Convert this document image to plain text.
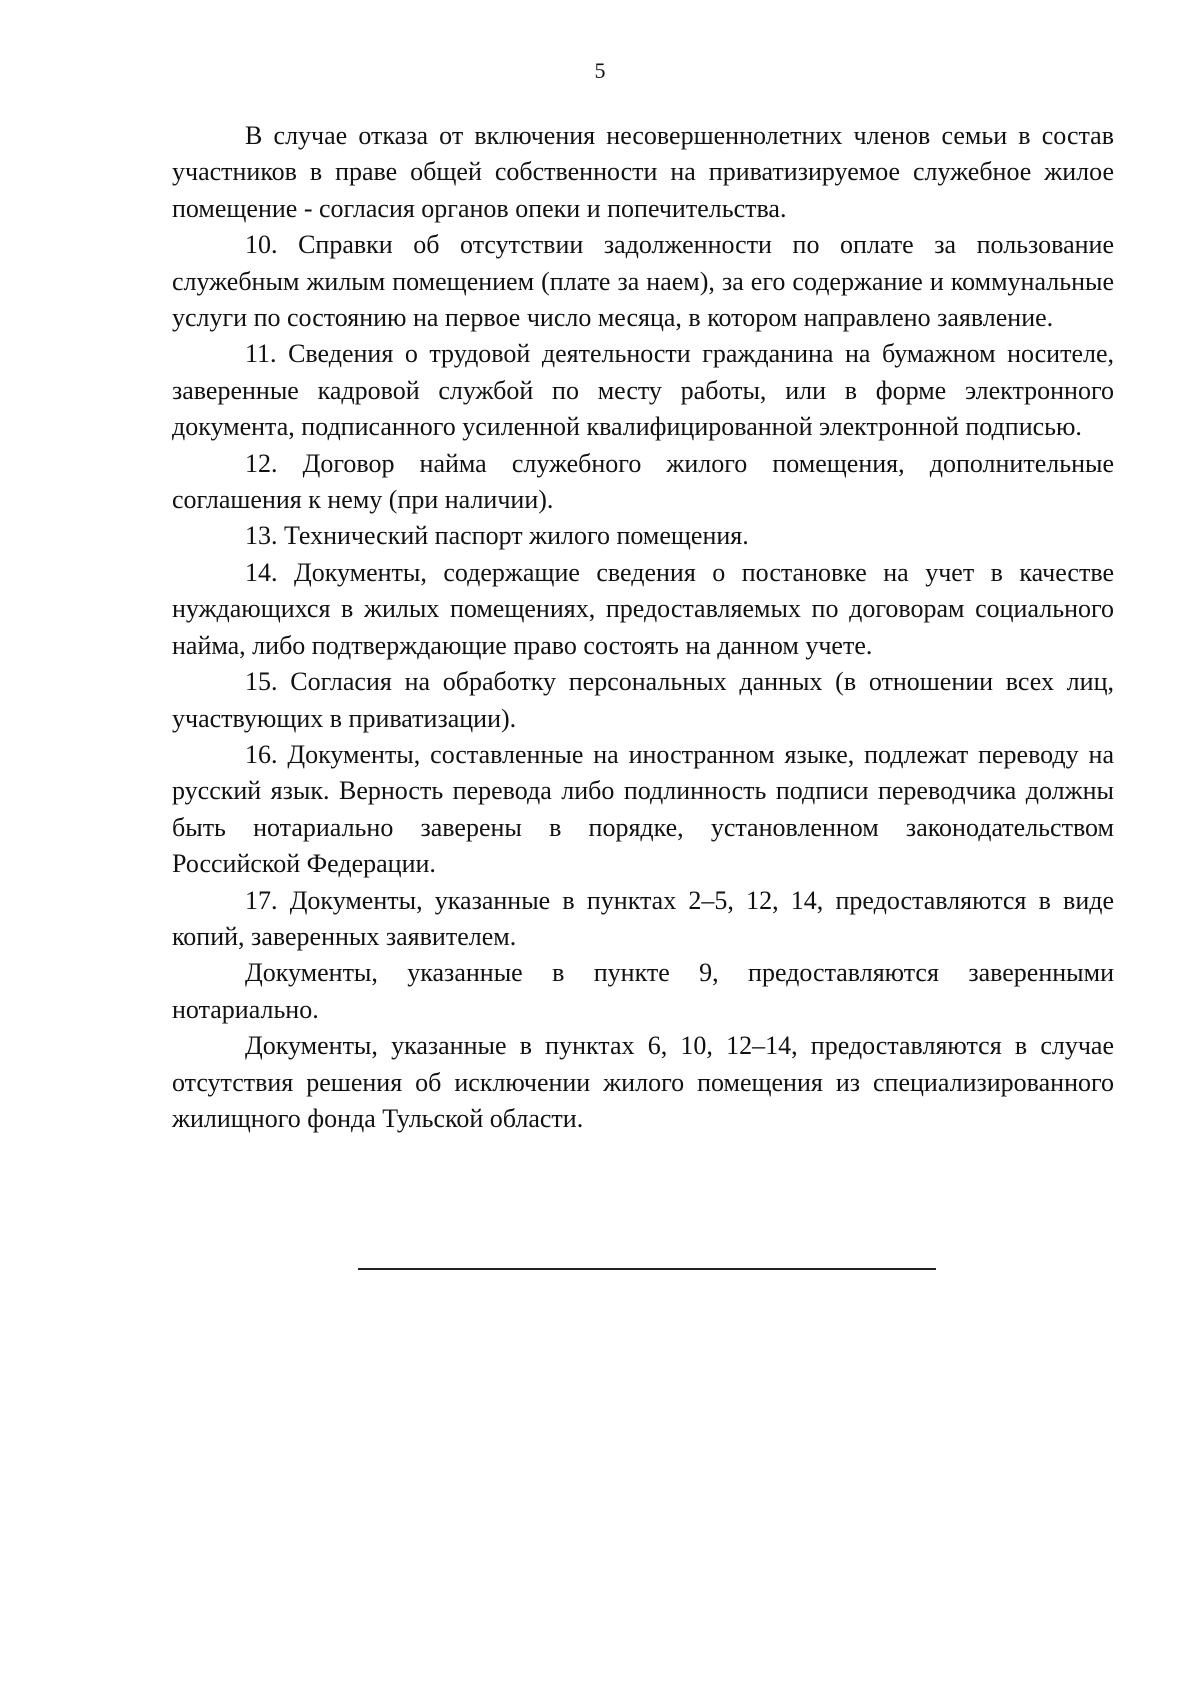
5

В случае отказа от включения несовершеннолетних членов семьи в состав участников в праве общей собственности на приватизируемое служебное жилое помещение - согласия органов опеки и попечительства.

10. Справки об отсутствии задолженности по оплате за пользование служебным жилым помещением (плате за наем), за его содержание и коммунальные услуги по состоянию на первое число месяца, в котором направлено заявление.

11. Сведения о трудовой деятельности гражданина на бумажном носителе, заверенные кадровой службой по месту работы, или в форме электронного документа, подписанного усиленной квалифицированной электронной подписью.

12. Договор найма служебного жилого помещения, дополнительные соглашения к нему (при наличии).

13. Технический паспорт жилого помещения.

14. Документы, содержащие сведения о постановке на учет в качестве нуждающихся в жилых помещениях, предоставляемых по договорам социального найма, либо подтверждающие право состоять на данном учете.

15. Согласия на обработку персональных данных (в отношении всех лиц, участвующих в приватизации).

16. Документы, составленные на иностранном языке, подлежат переводу на русский язык. Верность перевода либо подлинность подписи переводчика должны быть нотариально заверены в порядке, установленном законодательством Российской Федерации.

17. Документы, указанные в пунктах 2–5, 12, 14, предоставляются в виде копий, заверенных заявителем.

Документы, указанные в пункте 9, предоставляются заверенными нотариально.

Документы, указанные в пунктах 6, 10, 12–14, предоставляются в случае отсутствия решения об исключении жилого помещения из специализированного жилищного фонда Тульской области.
